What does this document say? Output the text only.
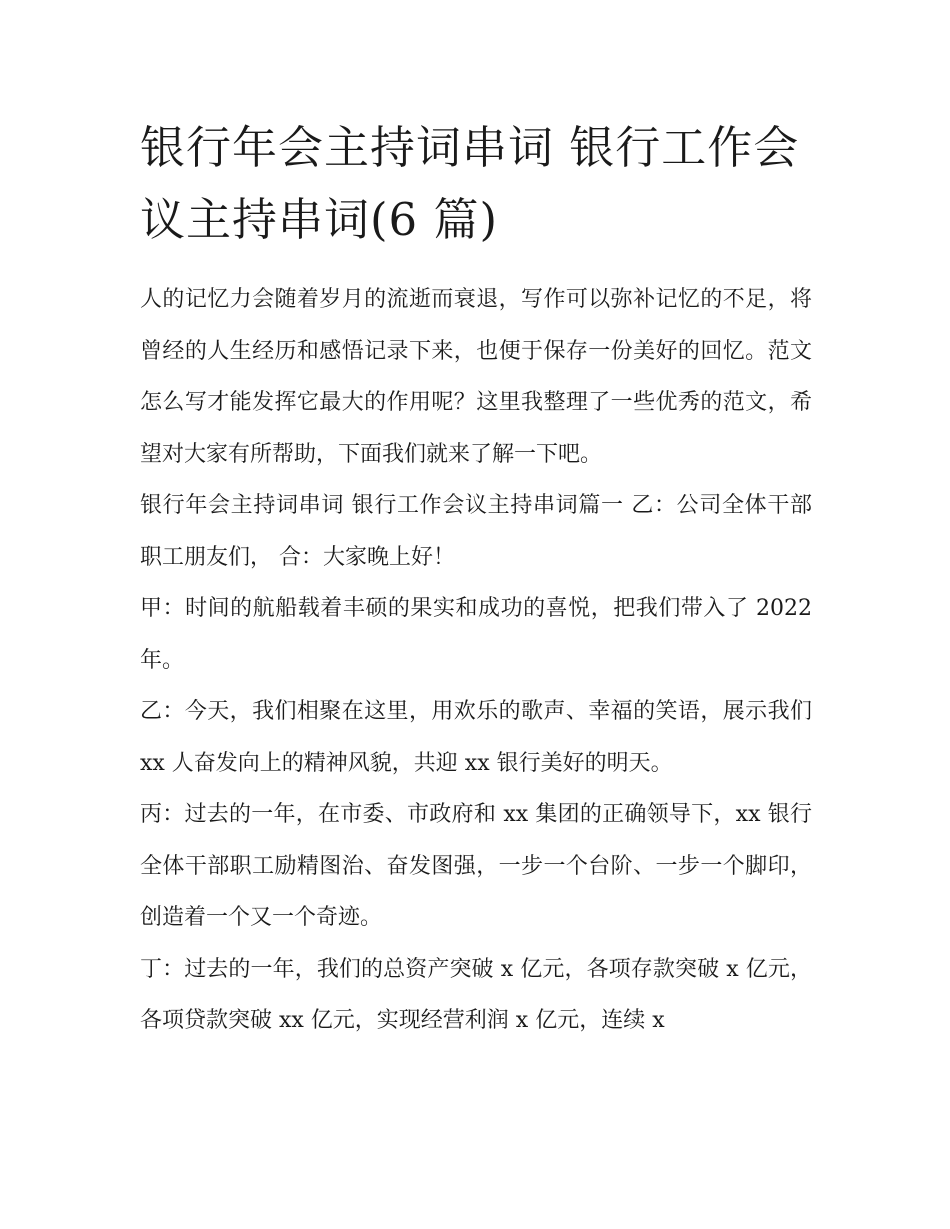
银行年会主持词串词 银行工作会议主持串词(6 篇)

人的记忆力会随着岁月的流逝而衰退，写作可以弥补记忆的不足，将曾经的人生经历和感悟记录下来，也便于保存一份美好的回忆。范文怎么写才能发挥它最大的作用呢？这里我整理了一些优秀的范文，希望对大家有所帮助，下面我们就来了解一下吧。

银行年会主持词串词 银行工作会议主持串词篇一 乙：公司全体干部职工朋友们， 合：大家晚上好！

甲：时间的航船载着丰硕的果实和成功的喜悦，把我们带入了 2022 年。

乙：今天，我们相聚在这里，用欢乐的歌声、幸福的笑语，展示我们 xx 人奋发向上的精神风貌，共迎 xx 银行美好的明天。

丙：过去的一年，在市委、市政府和 xx 集团的正确领导下，xx 银行全体干部职工励精图治、奋发图强，一步一个台阶、一步一个脚印，创造着一个又一个奇迹。

丁：过去的一年，我们的总资产突破 x 亿元，各项存款突破 x 亿元，各项贷款突破 xx 亿元，实现经营利润 x 亿元，连续 x
